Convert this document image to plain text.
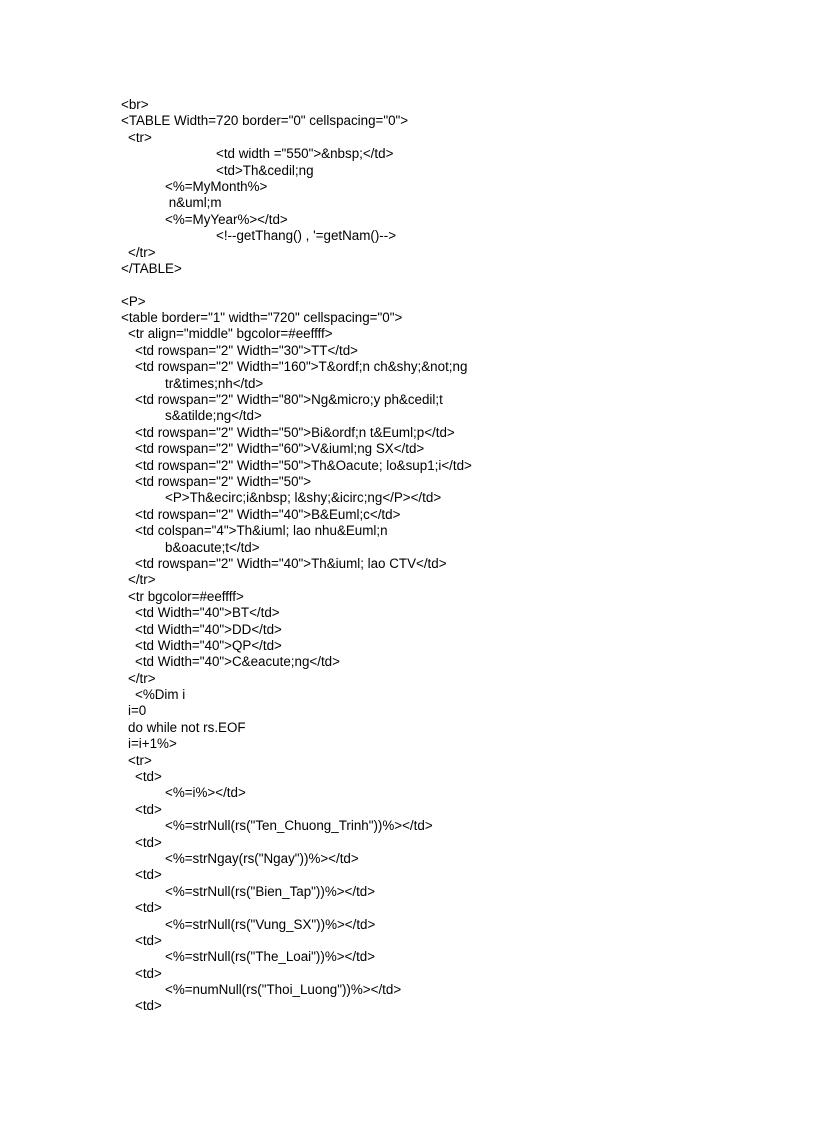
<br>
<TABLE Width=720 border="0" cellspacing="0">
<tr>
<td width ="550">&nbsp;</td>
<td>Th&cedil;ng
<%=MyMonth%>
n&uml;m
<%=MyYear%></td>
<!--getThang() , '=getNam()-->
</tr>
</TABLE>
<P>
<table border="1" width="720" cellspacing="0">
<tr align="middle" bgcolor=#eeffff>
<td rowspan="2" Width="30">TT</td>
<td rowspan="2" Width="160">T&ordf;n ch&shy;&not;ng
tr&times;nh</td>
<td rowspan="2" Width="80">Ng&micro;y ph&cedil;t
s&atilde;ng</td>
<td rowspan="2" Width="50">Bi&ordf;n t&Euml;p</td>
<td rowspan="2" Width="60">V&iuml;ng SX</td>
<td rowspan="2" Width="50">Th&Oacute; lo&sup1;i</td>
<td rowspan="2" Width="50">
<P>Th&ecirc;i&nbsp; l&shy;&icirc;ng</P></td>
<td rowspan="2" Width="40">B&Euml;c</td>
<td colspan="4">Th&iuml; lao nhu&Euml;n
b&oacute;t</td>
<td rowspan="2" Width="40">Th&iuml; lao CTV</td>
</tr>
<tr bgcolor=#eeffff>
<td Width="40">BT</td>
<td Width="40">DD</td>
<td Width="40">QP</td>
<td Width="40">C&eacute;ng</td>
</tr>
<%Dim i
i=0
do while not rs.EOF
i=i+1%>
<tr>
<td>
<%=i%></td>
<td>
<%=strNull(rs("Ten_Chuong_Trinh"))%></td>
<td>
<%=strNgay(rs("Ngay"))%></td>
<td>
<%=strNull(rs("Bien_Tap"))%></td>
<td>
<%=strNull(rs("Vung_SX"))%></td>
<td>
<%=strNull(rs("The_Loai"))%></td>
<td>
<%=numNull(rs("Thoi_Luong"))%></td>
<td>
